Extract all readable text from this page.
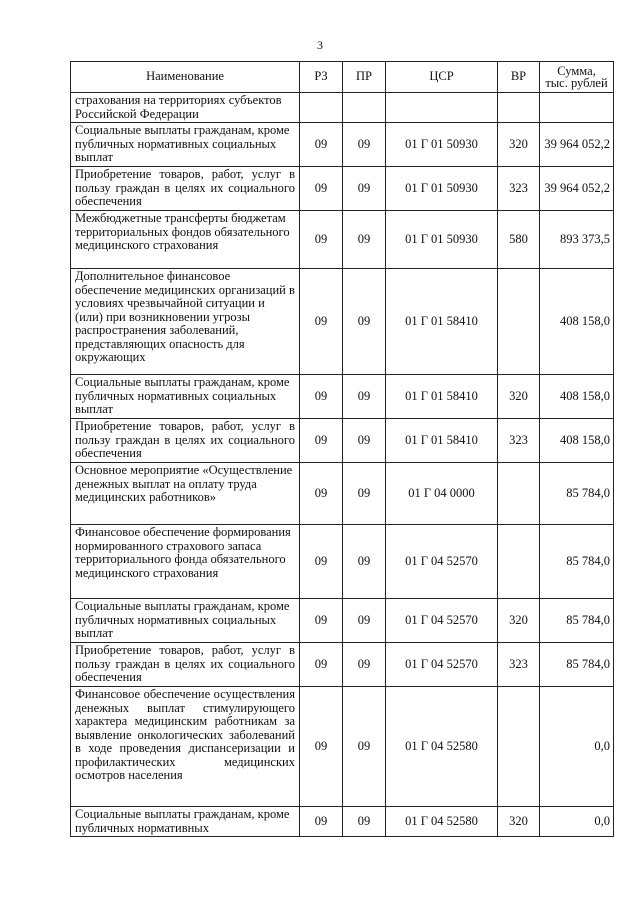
3
Наименование	РЗ	ПР	ЦСР	ВР	Сумма,
тыс. рублей
страхования на территориях субъектов Российской Федерации					
Социальные выплаты гражданам, кроме публичных нормативных социальных выплат	09	09	01 Г 01 50930	320	39 964 052,2
Приобретение товаров, работ, услуг в пользу граждан в целях их социального обеспечения	09	09	01 Г 01 50930	323	39 964 052,2
Межбюджетные трансферты бюджетам территориальных фондов обязательного медицинского страхования	09	09	01 Г 01 50930	580	893 373,5
Дополнительное финансовое обеспечение медицинских организаций в условиях чрезвычайной ситуации и (или) при возникновении угрозы распространения заболеваний, представляющих опасность для окружающих	09	09	01 Г 01 58410		408 158,0
Социальные выплаты гражданам, кроме публичных нормативных социальных выплат	09	09	01 Г 01 58410	320	408 158,0
Приобретение товаров, работ, услуг в пользу граждан в целях их социального обеспечения	09	09	01 Г 01 58410	323	408 158,0
Основное мероприятие «Осуществление денежных выплат на оплату труда медицинских работников»	09	09	01 Г 04 0000		85 784,0
Финансовое обеспечение формирования нормированного страхового запаса территориального фонда обязательного медицинского страхования	09	09	01 Г 04 52570		85 784,0
Социальные выплаты гражданам, кроме публичных нормативных социальных выплат	09	09	01 Г 04 52570	320	85 784,0
Приобретение товаров, работ, услуг в пользу граждан в целях их социального обеспечения	09	09	01 Г 04 52570	323	85 784,0
Финансовое обеспечение осуществления денежных выплат стимулирующего характера медицинским работникам за выявление онкологических заболеваний в ходе проведения диспансеризации и профилактических медицинских осмотров населения	09	09	01 Г 04 52580		0,0
Социальные выплаты гражданам, кроме публичных нормативных	09	09	01 Г 04 52580	320	0,0
